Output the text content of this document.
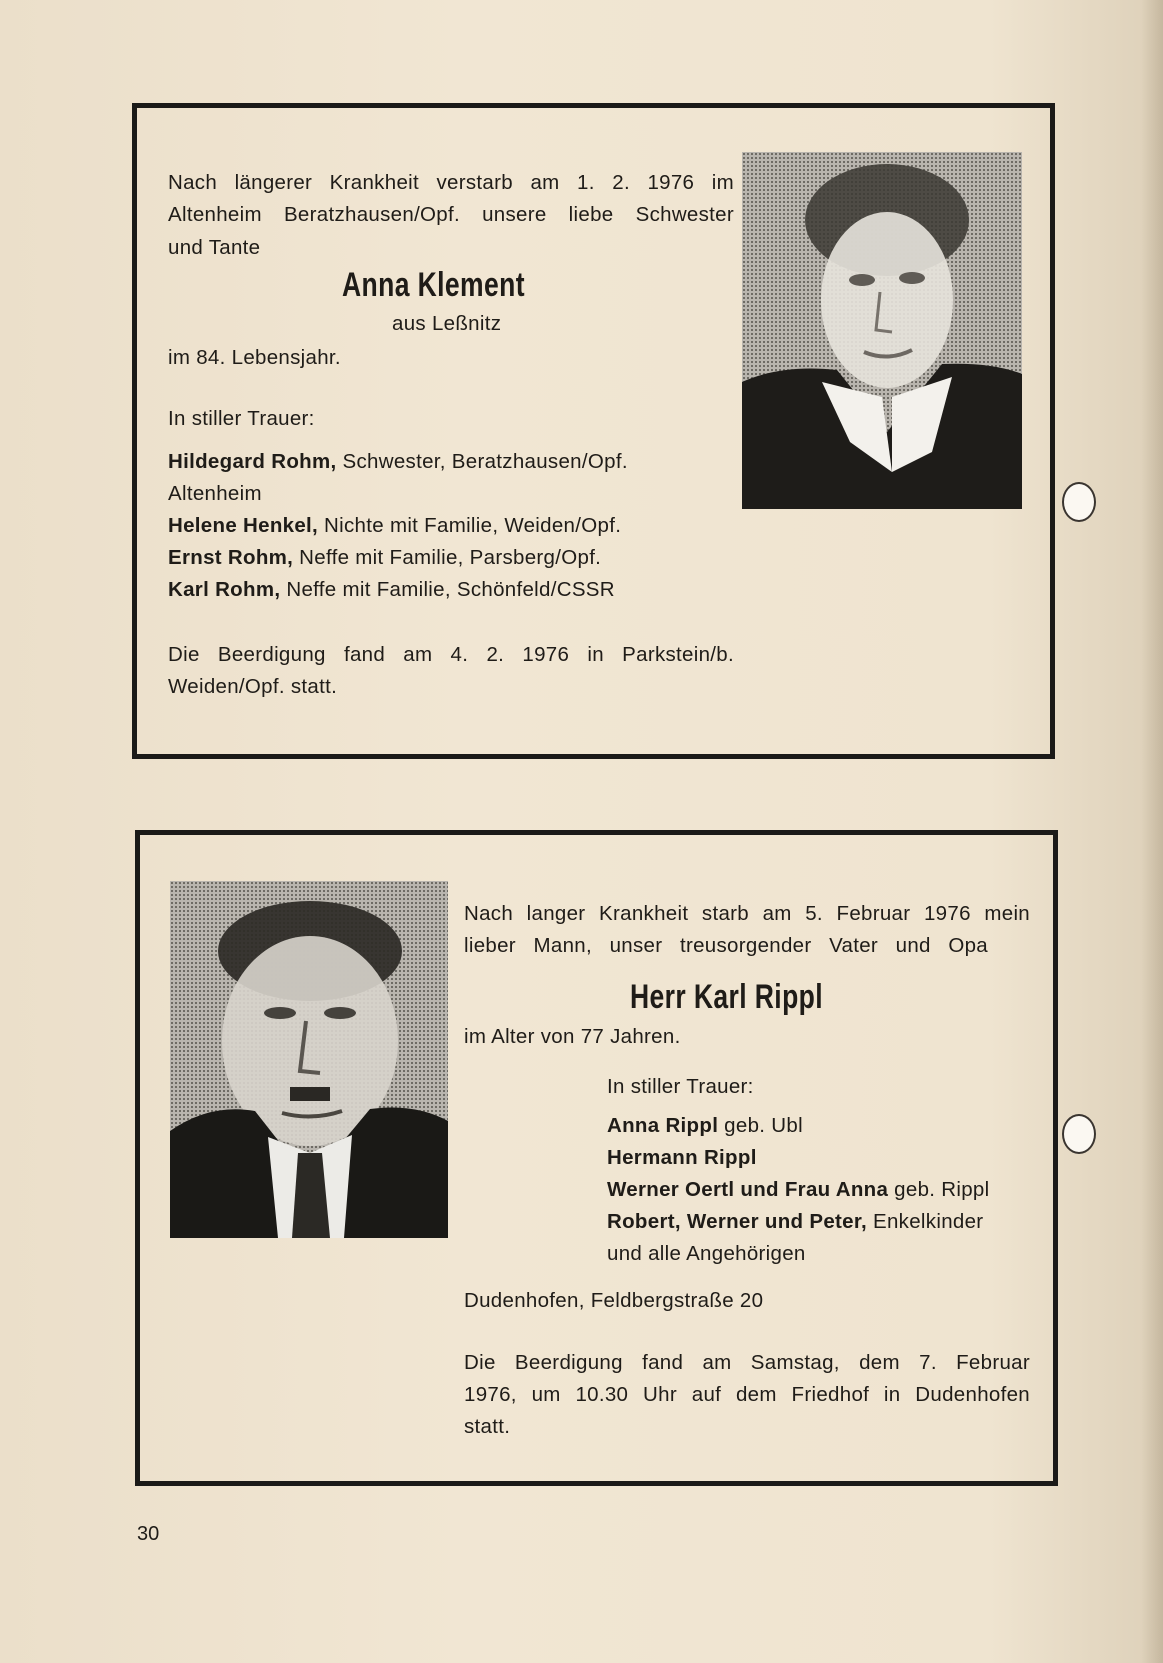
Nach längerer Krankheit verstarb am 1. 2. 1976 im
Altenheim Beratzhausen/Opf. unsere liebe Schwester
und Tante
Anna Klement
aus Leßnitz
im 84. Lebensjahr.
In stiller Trauer:
Hildegard Rohm, Schwester, Beratzhausen/Opf.
Altenheim
Helene Henkel, Nichte mit Familie, Weiden/Opf.
Ernst Rohm, Neffe mit Familie, Parsberg/Opf.
Karl Rohm, Neffe mit Familie, Schönfeld/CSSR
Die Beerdigung fand am 4. 2. 1976 in Parkstein/b.
Weiden/Opf. statt.
Nach langer Krankheit starb am 5. Februar 1976 mein
lieber Mann, unser treusorgender Vater und Opa
Herr Karl Rippl
im Alter von 77 Jahren.
In stiller Trauer:
Anna Rippl geb. Ubl
Hermann Rippl
Werner Oertl und Frau Anna geb. Rippl
Robert, Werner und Peter, Enkelkinder
und alle Angehörigen
Dudenhofen, Feldbergstraße 20
Die Beerdigung fand am Samstag, dem 7. Februar
1976, um 10.30 Uhr auf dem Friedhof in Dudenhofen
statt.
30
